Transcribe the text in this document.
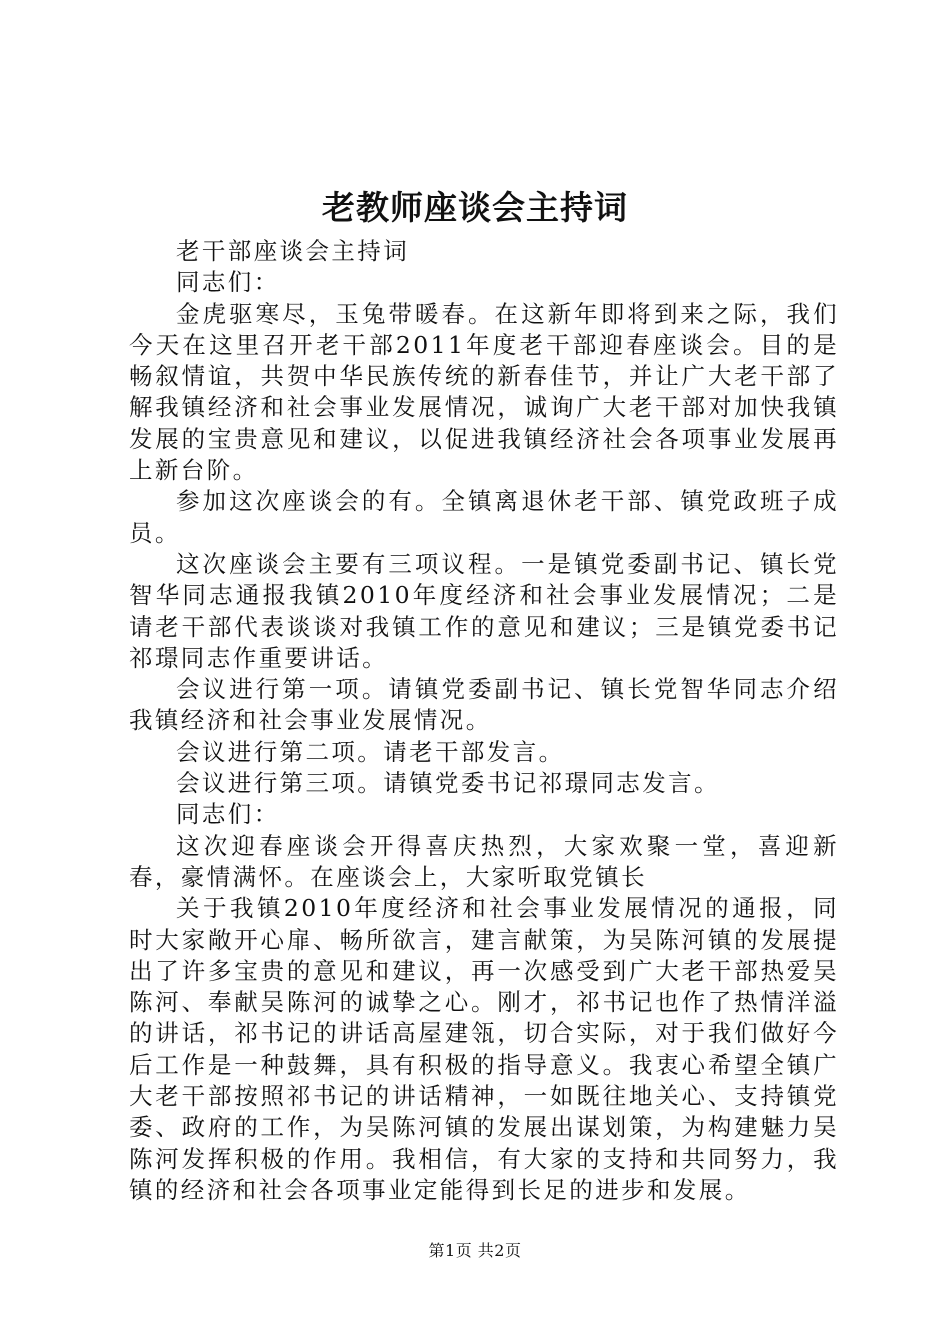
老教师座谈会主持词

老干部座谈会主持词

同志们：

金虎驱寒尽，玉兔带暖春。在这新年即将到来之际，我们今天在这里召开老干部2011年度老干部迎春座谈会。目的是畅叙情谊，共贺中华民族传统的新春佳节，并让广大老干部了解我镇经济和社会事业发展情况，诚询广大老干部对加快我镇发展的宝贵意见和建议，以促进我镇经济社会各项事业发展再上新台阶。

参加这次座谈会的有。全镇离退休老干部、镇党政班子成员。

这次座谈会主要有三项议程。一是镇党委副书记、镇长党智华同志通报我镇2010年度经济和社会事业发展情况；二是请老干部代表谈谈对我镇工作的意见和建议；三是镇党委书记祁璟同志作重要讲话。

会议进行第一项。请镇党委副书记、镇长党智华同志介绍我镇经济和社会事业发展情况。

会议进行第二项。请老干部发言。

会议进行第三项。请镇党委书记祁璟同志发言。

同志们：

这次迎春座谈会开得喜庆热烈，大家欢聚一堂，喜迎新春，豪情满怀。在座谈会上，大家听取党镇长

关于我镇2010年度经济和社会事业发展情况的通报，同时大家敞开心扉、畅所欲言，建言献策，为吴陈河镇的发展提出了许多宝贵的意见和建议，再一次感受到广大老干部热爱吴陈河、奉献吴陈河的诚挚之心。刚才，祁书记也作了热情洋溢的讲话，祁书记的讲话高屋建瓴，切合实际，对于我们做好今后工作是一种鼓舞，具有积极的指导意义。我衷心希望全镇广大老干部按照祁书记的讲话精神，一如既往地关心、支持镇党委、政府的工作，为吴陈河镇的发展出谋划策，为构建魅力吴陈河发挥积极的作用。我相信，有大家的支持和共同努力，我镇的经济和社会各项事业定能得到长足的进步和发展。

第1页 共2页
